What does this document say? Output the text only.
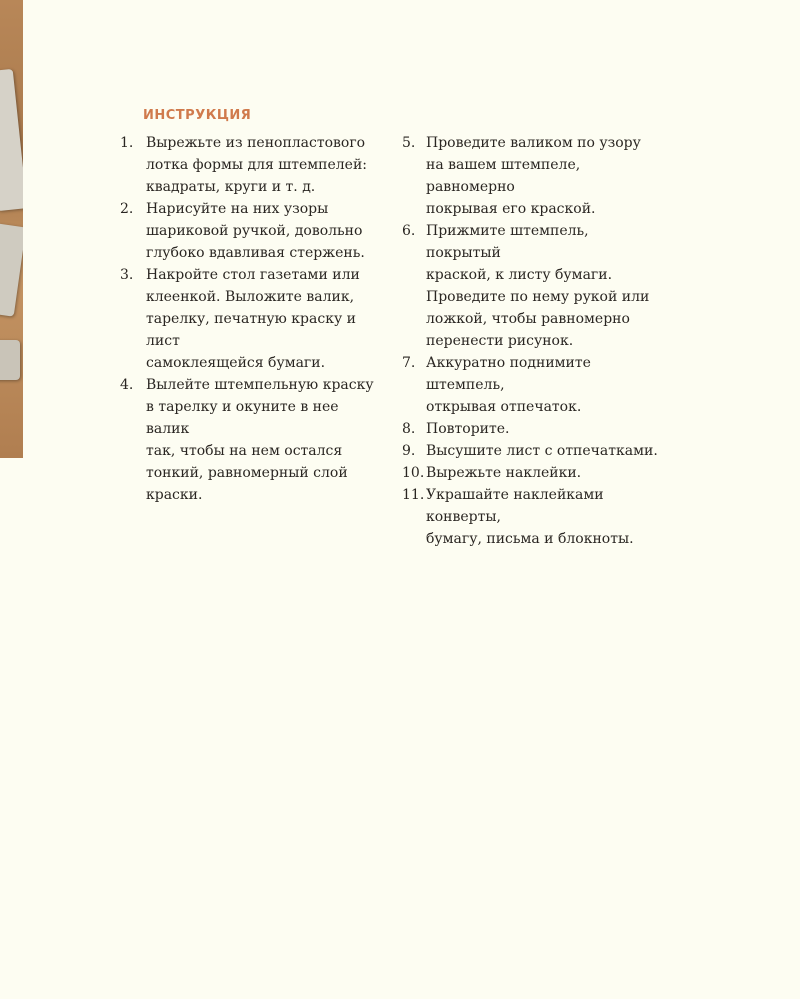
ИНСТРУКЦИЯ
1. Вырежьте из пенопластового
лотка формы для штемпелей:
квадраты, круги и т. д.
2. Нарисуйте на них узоры
шариковой ручкой, довольно
глубоко вдавливая стержень.
3. Накройте стол газетами или
клеенкой. Выложите валик,
тарелку, печатную краску и лист
самоклеящейся бумаги.
4. Вылейте штемпельную краску
в тарелку и окуните в нее валик
так, чтобы на нем остался
тонкий, равномерный слой
краски.
5. Проведите валиком по узору
на вашем штемпеле, равномерно
покрывая его краской.
6. Прижмите штемпель, покрытый
краской, к листу бумаги.
Проведите по нему рукой или
ложкой, чтобы равномерно
перенести рисунок.
7. Аккуратно поднимите штемпель,
открывая отпечаток.
8. Повторите.
9. Высушите лист с отпечатками.
10. Вырежьте наклейки.
11. Украшайте наклейками конверты,
бумагу, письма и блокноты.
